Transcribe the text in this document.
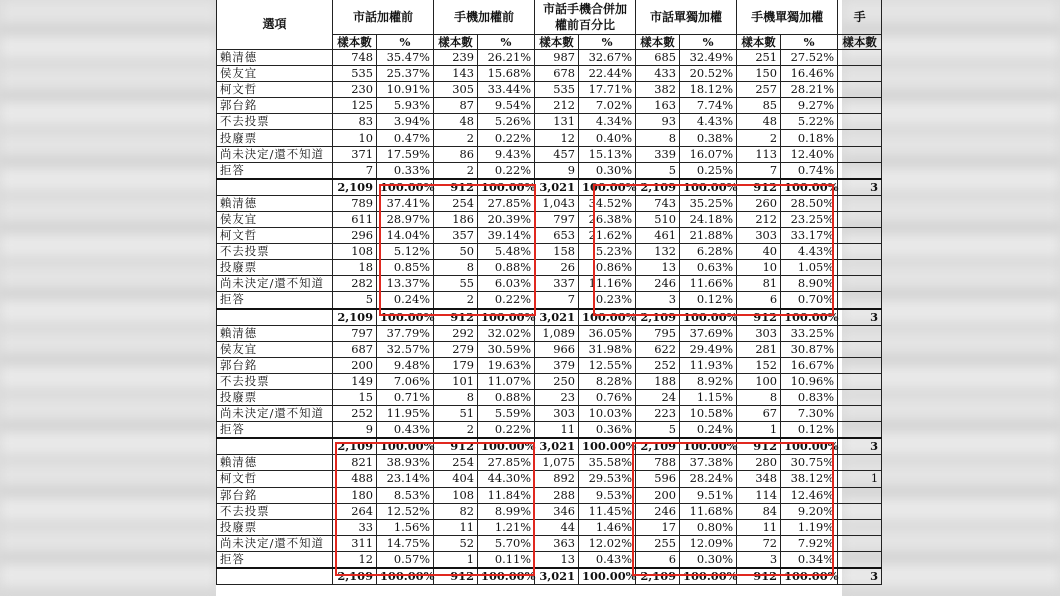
選項	市話加權前		手機加權前		市話手機合併加權前百分比		市話單獨加權		手機單獨加權		手
	樣本數	%	樣本數	%	樣本數	%	樣本數	%	樣本數	%	樣本數
賴清德	748	35.47%	239	26.21%	987	32.67%	685	32.49%	251	27.52%	
侯友宜	535	25.37%	143	15.68%	678	22.44%	433	20.52%	150	16.46%	
柯文哲	230	10.91%	305	33.44%	535	17.71%	382	18.12%	257	28.21%	
郭台銘	125	5.93%	87	9.54%	212	7.02%	163	7.74%	85	9.27%	
不去投票	83	3.94%	48	5.26%	131	4.34%	93	4.43%	48	5.22%	
投廢票	10	0.47%	2	0.22%	12	0.40%	8	0.38%	2	0.18%	
尚未決定/還不知道	371	17.59%	86	9.43%	457	15.13%	339	16.07%	113	12.40%	
拒答	7	0.33%	2	0.22%	9	0.30%	5	0.25%	7	0.74%	
	2,109	100.00%	912	100.00%	3,021	100.00%	2,109	100.00%	912	100.00%	3
賴清德	789	37.41%	254	27.85%	1,043	34.52%	743	35.25%	260	28.50%	
侯友宜	611	28.97%	186	20.39%	797	26.38%	510	24.18%	212	23.25%	
柯文哲	296	14.04%	357	39.14%	653	21.62%	461	21.88%	303	33.17%	
不去投票	108	5.12%	50	5.48%	158	5.23%	132	6.28%	40	4.43%	
投廢票	18	0.85%	8	0.88%	26	0.86%	13	0.63%	10	1.05%	
尚未決定/還不知道	282	13.37%	55	6.03%	337	11.16%	246	11.66%	81	8.90%	
拒答	5	0.24%	2	0.22%	7	0.23%	3	0.12%	6	0.70%	
	2,109	100.00%	912	100.00%	3,021	100.00%	2,109	100.00%	912	100.00%	3
賴清德	797	37.79%	292	32.02%	1,089	36.05%	795	37.69%	303	33.25%	
侯友宜	687	32.57%	279	30.59%	966	31.98%	622	29.49%	281	30.87%	
郭台銘	200	9.48%	179	19.63%	379	12.55%	252	11.93%	152	16.67%	
不去投票	149	7.06%	101	11.07%	250	8.28%	188	8.92%	100	10.96%	
投廢票	15	0.71%	8	0.88%	23	0.76%	24	1.15%	8	0.83%	
尚未決定/還不知道	252	11.95%	51	5.59%	303	10.03%	223	10.58%	67	7.30%	
拒答	9	0.43%	2	0.22%	11	0.36%	5	0.24%	1	0.12%	
	2,109	100.00%	912	100.00%	3,021	100.00%	2,109	100.00%	912	100.00%	3
賴清德	821	38.93%	254	27.85%	1,075	35.58%	788	37.38%	280	30.75%	
柯文哲	488	23.14%	404	44.30%	892	29.53%	596	28.24%	348	38.12%	1
郭台銘	180	8.53%	108	11.84%	288	9.53%	200	9.51%	114	12.46%	
不去投票	264	12.52%	82	8.99%	346	11.45%	246	11.68%	84	9.20%	
投廢票	33	1.56%	11	1.21%	44	1.46%	17	0.80%	11	1.19%	
尚未決定/還不知道	311	14.75%	52	5.70%	363	12.02%	255	12.09%	72	7.92%	
拒答	12	0.57%	1	0.11%	13	0.43%	6	0.30%	3	0.34%	
	2,109	100.00%	912	100.00%	3,021	100.00%	2,109	100.00%	912	100.00%	3
